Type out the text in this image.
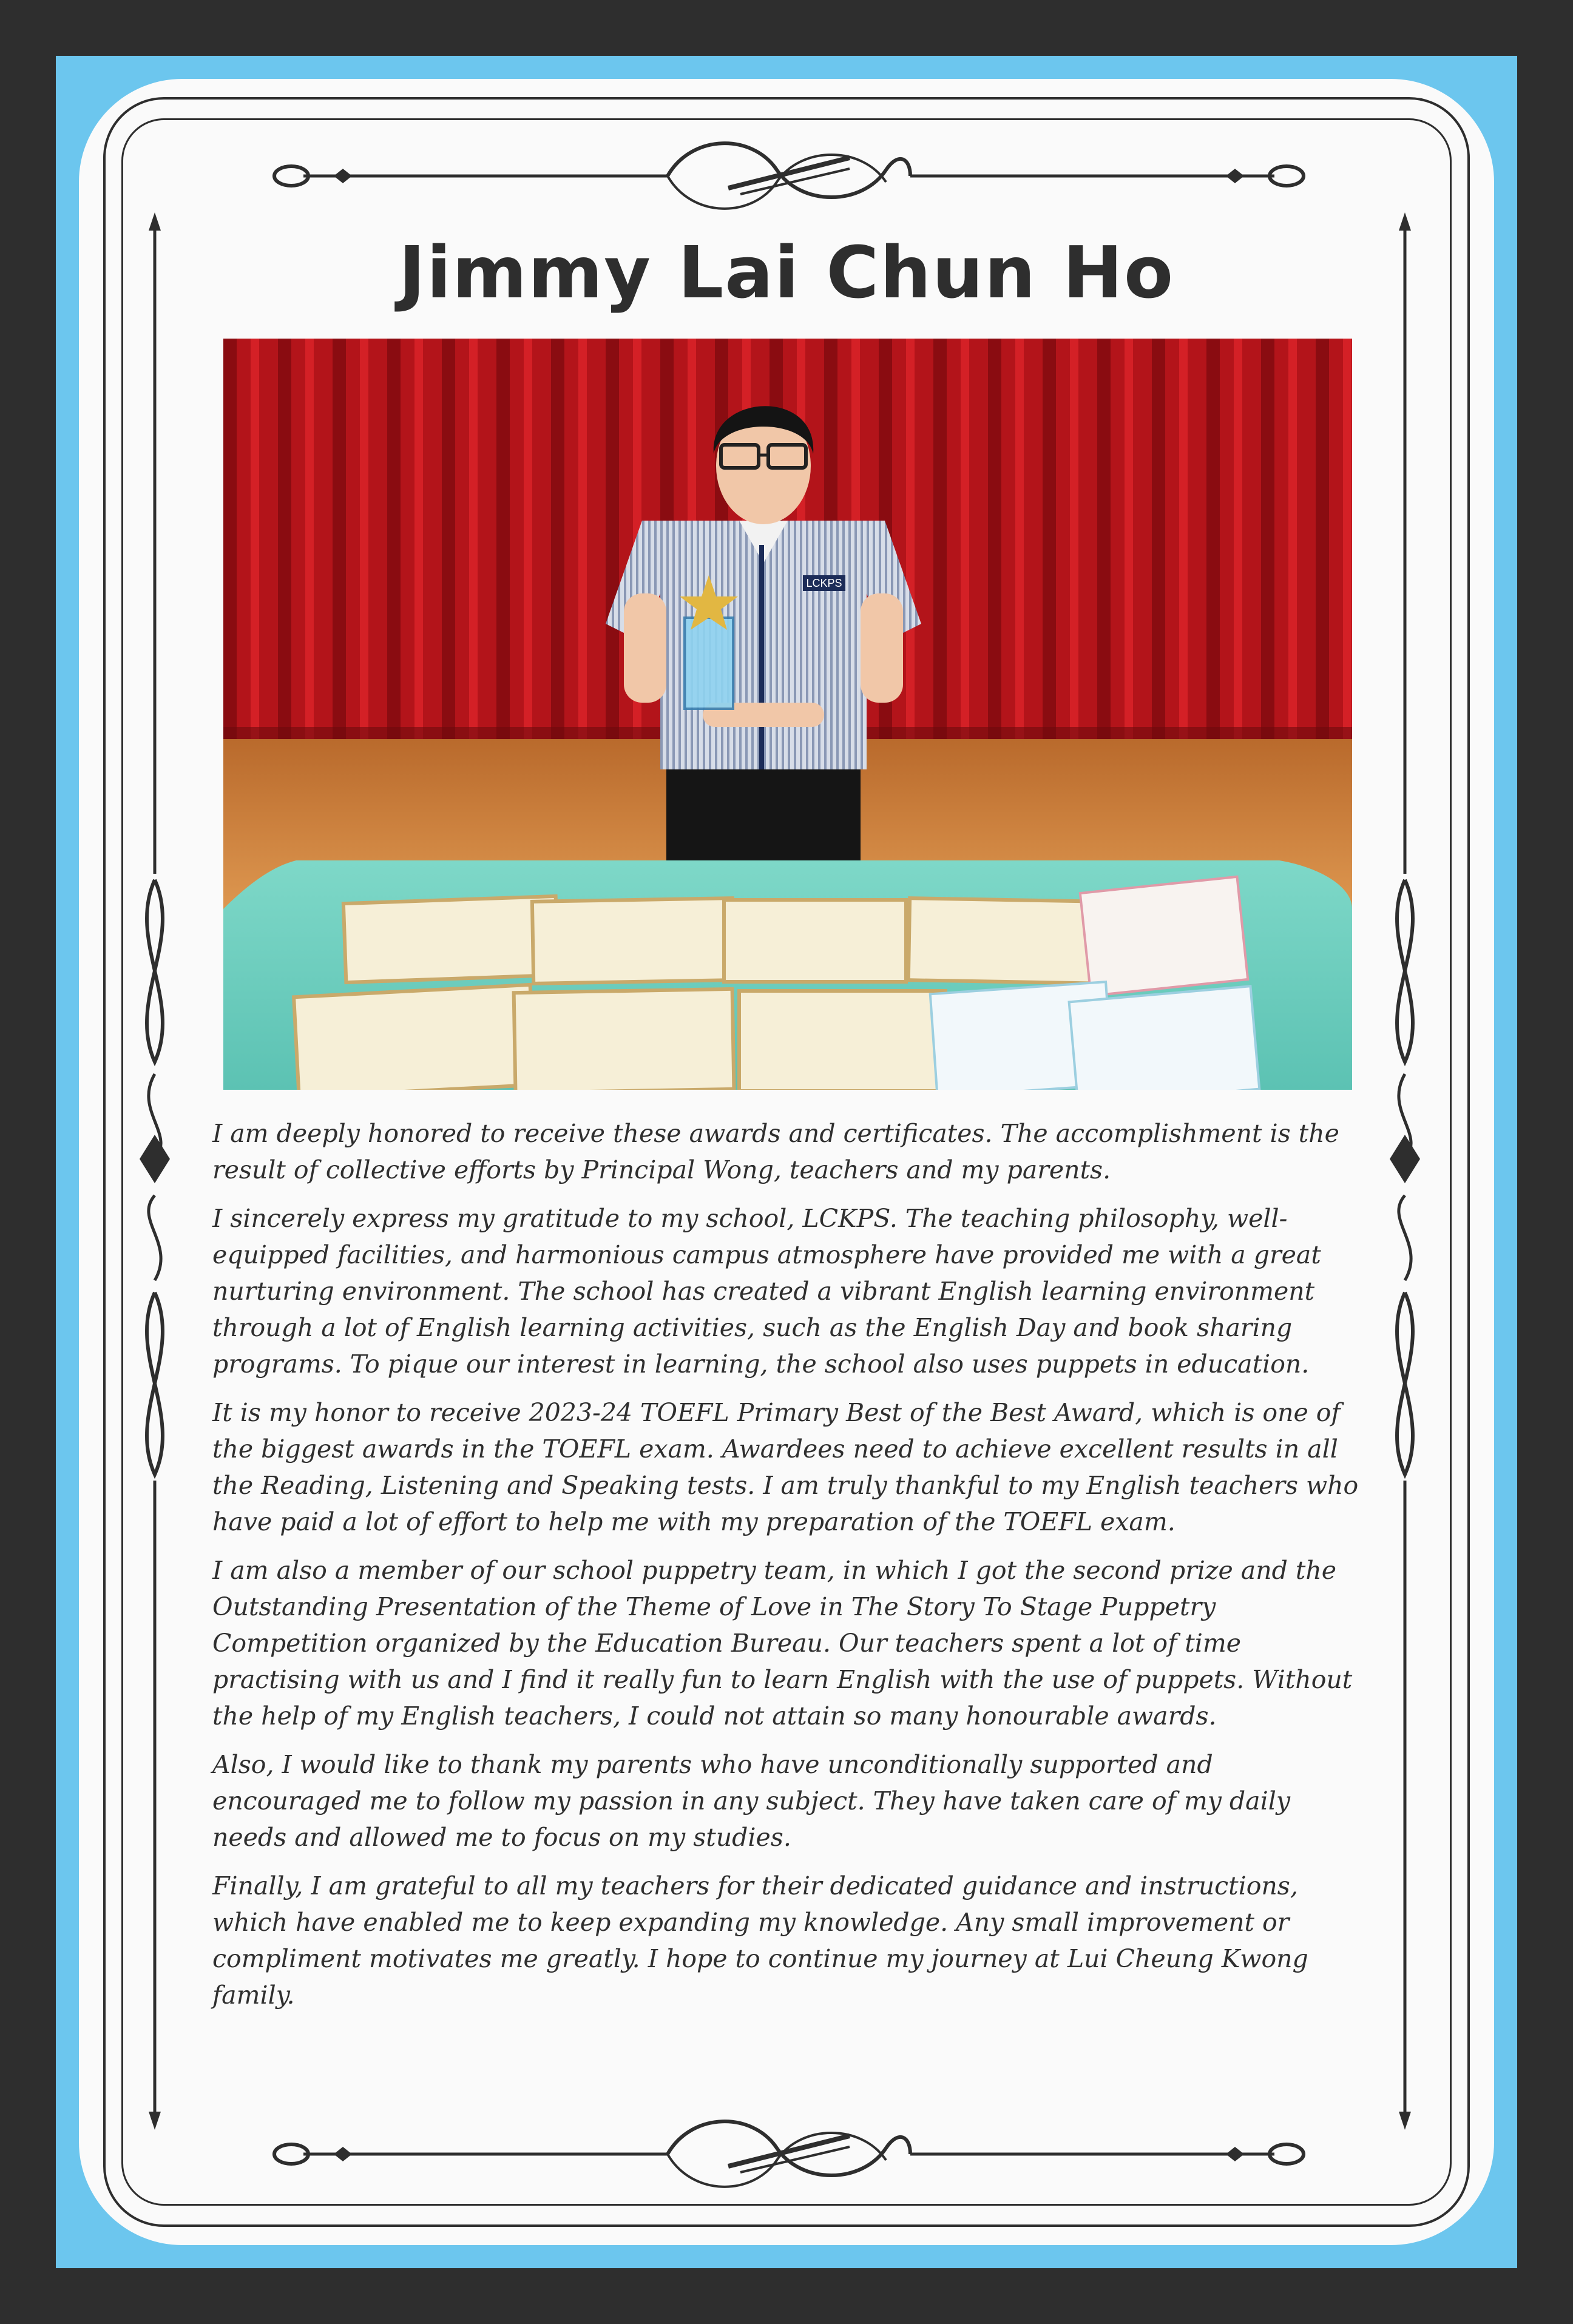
Jimmy Lai Chun Ho
LCKPS

I am deeply honored to receive these awards and certificates. The accomplishment is the result of collective efforts by Principal Wong, teachers and my parents.

I sincerely express my gratitude to my school, LCKPS. The teaching philosophy, well-equipped facilities, and harmonious campus atmosphere have provided me with a great nurturing environment. The school has created a vibrant English learning environment through a lot of English learning activities, such as the English Day and book sharing programs. To pique our interest in learning, the school also uses puppets in education.

It is my honor to receive 2023-24 TOEFL Primary Best of the Best Award, which is one of the biggest awards in the TOEFL exam. Awardees need to achieve excellent results in all the Reading, Listening and Speaking tests. I am truly thankful to my English teachers who have paid a lot of effort to help me with my preparation of the TOEFL exam.

I am also a member of our school puppetry team, in which I got the second prize and the Outstanding Presentation of the Theme of Love in The Story To Stage Puppetry Competition organized by the Education Bureau. Our teachers spent a lot of time practising with us and I find it really fun to learn English with the use of puppets. Without the help of my English teachers, I could not attain so many honourable awards.

Also, I would like to thank my parents who have unconditionally supported and encouraged me to follow my passion in any subject. They have taken care of my daily needs and allowed me to focus on my studies.

Finally, I am grateful to all my teachers for their dedicated guidance and instructions, which have enabled me to keep expanding my knowledge. Any small improvement or compliment motivates me greatly. I hope to continue my journey at Lui Cheung Kwong family.
